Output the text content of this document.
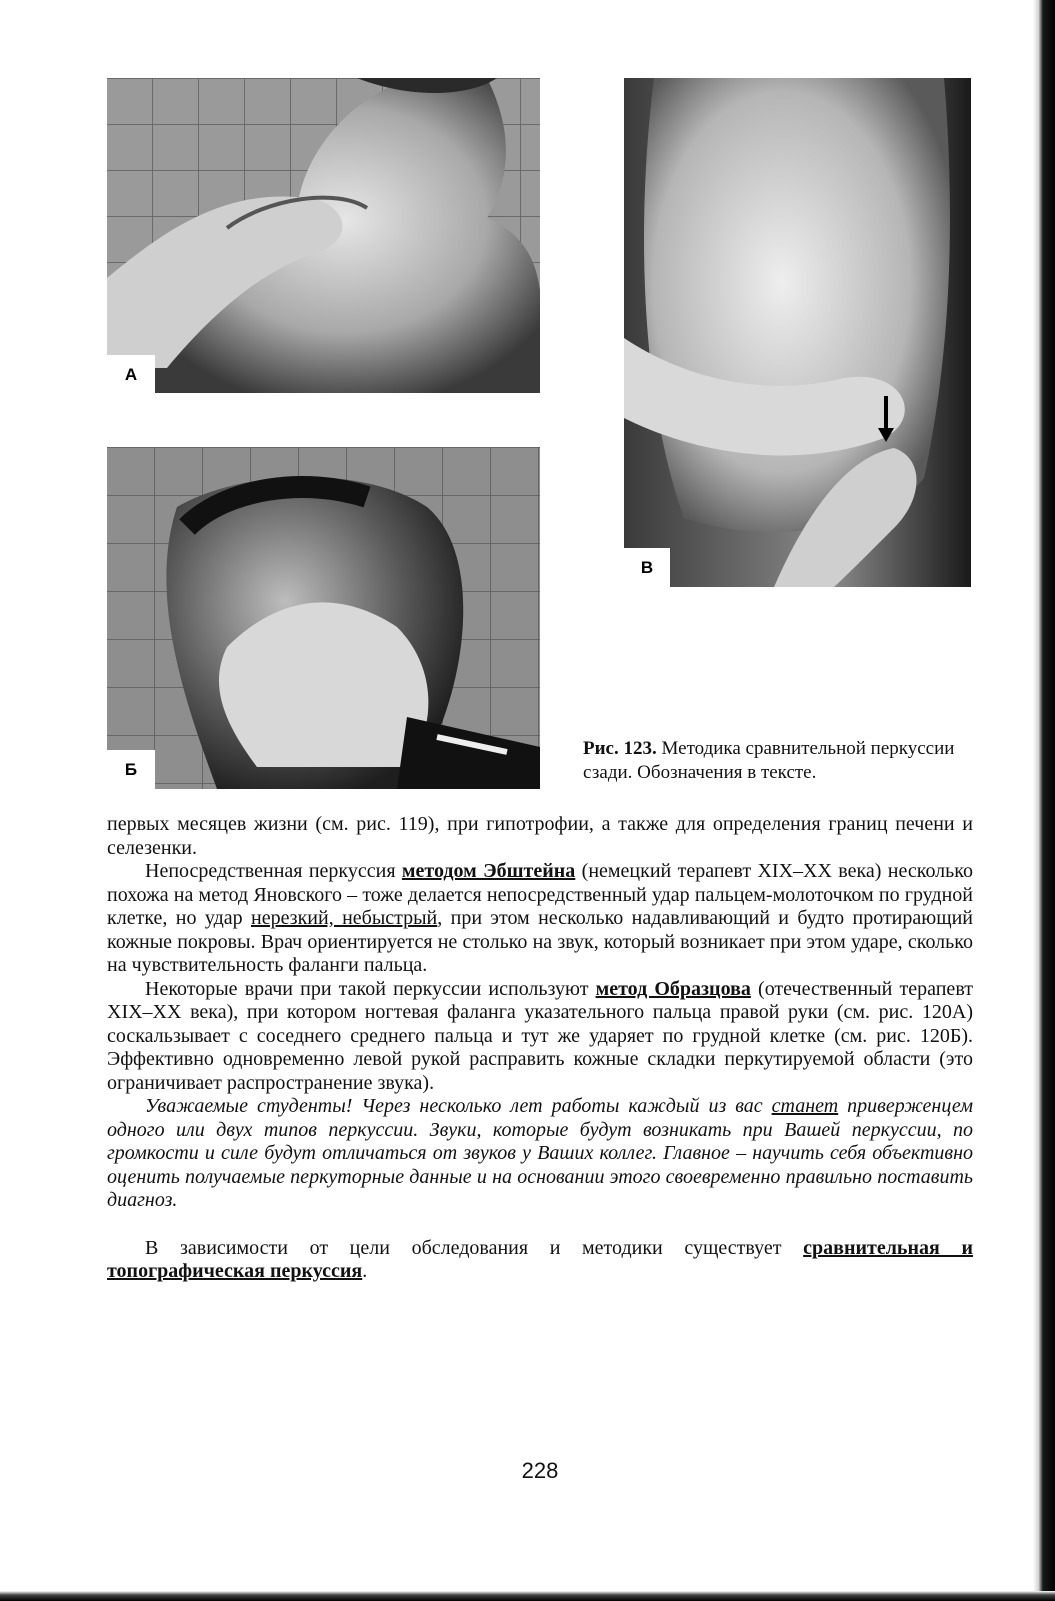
А
Б
В
Рис. 123. Методика сравнительной перкуссии сзади. Обозначения в тексте.

первых месяцев жизни (см. рис. 119), при гипотрофии, а также для определения границ печени и селезенки.

Непосредственная перкуссия методом Эбштейна (немецкий терапевт XIX–XX века) несколько похожа на метод Яновского – тоже делается непосредственный удар пальцем-молоточком по грудной клетке, но удар нерезкий, небыстрый, при этом несколько надавливающий и будто протирающий кожные покровы. Врач ориентируется не столько на звук, который возникает при этом ударе, сколько на чувствительность фаланги пальца.

Некоторые врачи при такой перкуссии используют метод Образцова (отечественный терапевт XIX–XX века), при котором ногтевая фаланга указательного пальца правой руки (см. рис. 120А) соскальзывает с соседнего среднего пальца и тут же ударяет по грудной клетке (см. рис. 120Б). Эффективно одновременно левой рукой расправить кожные складки перкутируемой области (это ограничивает распространение звука).

Уважаемые студенты! Через несколько лет работы каждый из вас станет приверженцем одного или двух типов перкуссии. Звуки, которые будут возникать при Вашей перкуссии, по громкости и силе будут отличаться от звуков у Ваших коллег. Главное – научить себя объективно оценить получаемые перкуторные данные и на основании этого своевременно правильно поставить диагноз.

В зависимости от цели обследования и методики существует сравнительная и топографическая перкуссия.

228
